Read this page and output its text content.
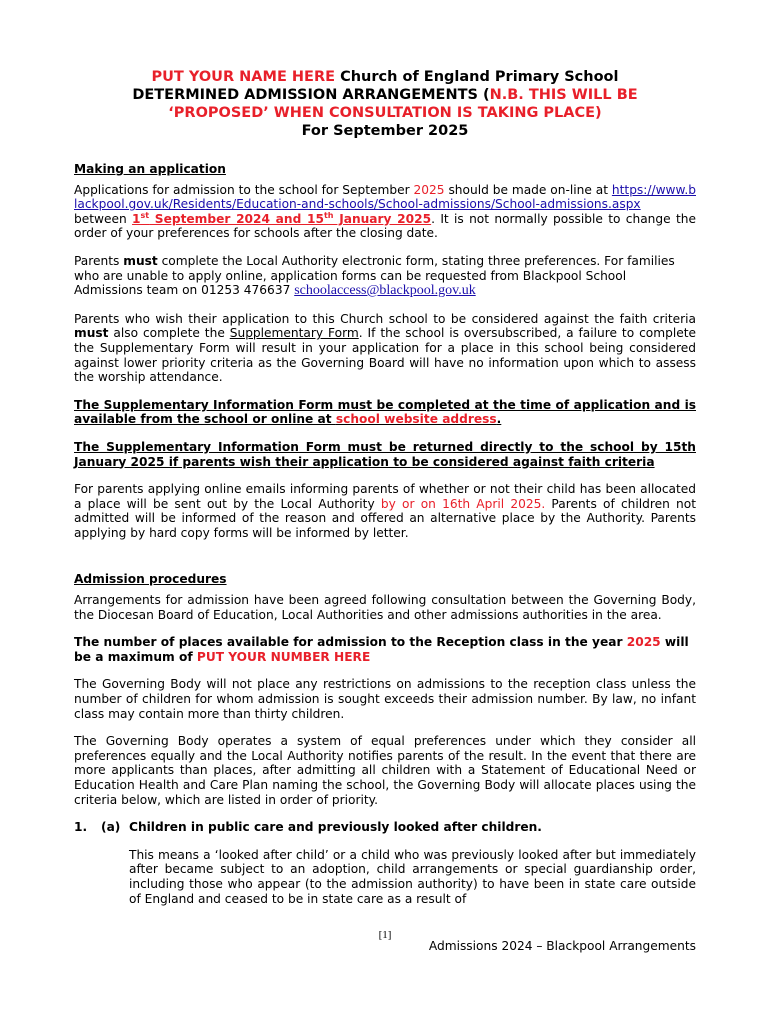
PUT YOUR NAME HERE Church of England Primary School

DETERMINED ADMISSION ARRANGEMENTS (N.B. THIS WILL BE

‘PROPOSED’ WHEN CONSULTATION IS TAKING PLACE)

For September 2025

Making an application

Applications for admission to the school for September 2025 should be made on-line at https://www.blackpool.gov.uk/Residents/Education-and-schools/School-admissions/School-admissions.aspx between 1st September 2024 and 15th January 2025. It is not normally possible to change the order of your preferences for schools after the closing date.

Parents must complete the Local Authority electronic form, stating three preferences. For families who are unable to apply online, application forms can be requested from Blackpool School Admissions team on 01253 476637 schoolaccess@blackpool.gov.uk

Parents who wish their application to this Church school to be considered against the faith criteria must also complete the Supplementary Form. If the school is oversubscribed, a failure to complete the Supplementary Form will result in your application for a place in this school being considered against lower priority criteria as the Governing Board will have no information upon which to assess the worship attendance.

The Supplementary Information Form must be completed at the time of application and is available from the school or online at school website address.

The Supplementary Information Form must be returned directly to the school by 15th January 2025 if parents wish their application to be considered against faith criteria

For parents applying online emails informing parents of whether or not their child has been allocated a place will be sent out by the Local Authority by or on 16th April 2025. Parents of children not admitted will be informed of the reason and offered an alternative place by the Authority. Parents applying by hard copy forms will be informed by letter.

Admission procedures

Arrangements for admission have been agreed following consultation between the Governing Body, the Diocesan Board of Education, Local Authorities and other admissions authorities in the area.

The number of places available for admission to the Reception class in the year 2025 will be a maximum of PUT YOUR NUMBER HERE

The Governing Body will not place any restrictions on admissions to the reception class unless the number of children for whom admission is sought exceeds their admission number. By law, no infant class may contain more than thirty children.

The Governing Body operates a system of equal preferences under which they consider all preferences equally and the Local Authority notifies parents of the result. In the event that there are more applicants than places, after admitting all children with a Statement of Educational Need or Education Health and Care Plan naming the school, the Governing Body will allocate places using the criteria below, which are listed in order of priority.

1.	(a) Children in public care and previously looked after children.

This means a ‘looked after child’ or a child who was previously looked after but immediately after became subject to an adoption, child arrangements or special guardianship order, including those who appear (to the admission authority) to have been in state care outside of England and ceased to be in state care as a result of

[1]
Admissions 2024 – Blackpool Arrangements
